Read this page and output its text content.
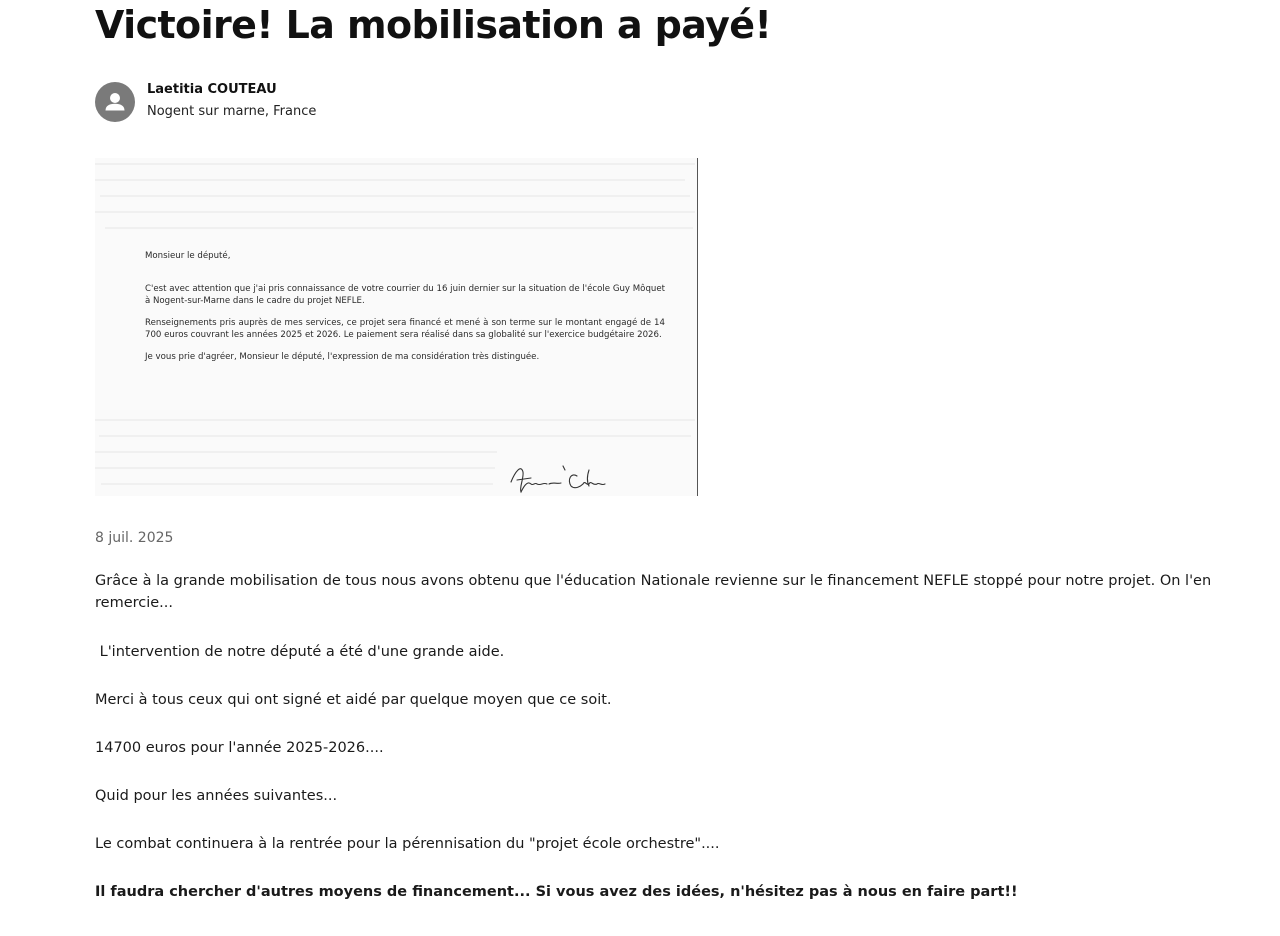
Victoire! La mobilisation a payé!
Laetitia COUTEAU
Nogent sur marne, France

Monsieur le député,

C'est avec attention que j'ai pris connaissance de votre courrier du 16 juin dernier sur la situation de l'école Guy Môquet à Nogent-sur-Marne dans le cadre du projet NEFLE.

Renseignements pris auprès de mes services, ce projet sera financé et mené à son terme sur le montant engagé de 14 700 euros couvrant les années 2025 et 2026. Le paiement sera réalisé dans sa globalité sur l'exercice budgétaire 2026.

Je vous prie d'agréer, Monsieur le député, l'expression de ma considération très distinguée.

8 juil. 2025

Grâce à la grande mobilisation de tous nous avons obtenu que l'éducation Nationale revienne sur le financement NEFLE stoppé pour notre projet. On l'en remercie...

L'intervention de notre député a été d'une grande aide.

Merci à tous ceux qui ont signé et aidé par quelque moyen que ce soit.

14700 euros pour l'année 2025-2026....

Quid pour les années suivantes...

Le combat continuera à la rentrée pour la pérennisation du "projet école orchestre"....

Il faudra chercher d'autres moyens de financement... Si vous avez des idées, n'hésitez pas à nous en faire part!!
